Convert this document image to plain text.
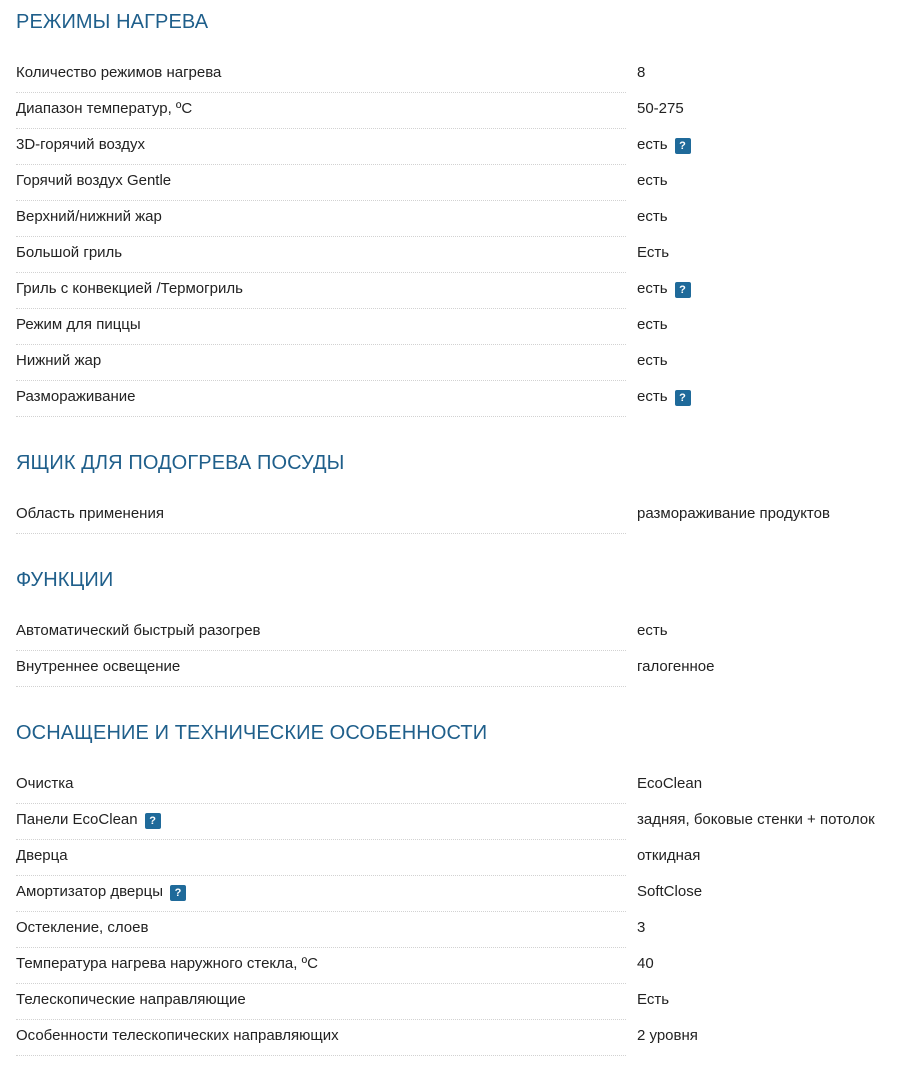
РЕЖИМЫ НАГРЕВА
Количество режимов нагрева	8
Диапазон температур, ºC	50-275
3D-горячий воздух	есть ?
Горячий воздух Gentle	есть
Верхний/нижний жар	есть
Большой гриль	Есть
Гриль с конвекцией /Термогриль	есть ?
Режим для пиццы	есть
Нижний жар	есть
Размораживание	есть ?
ЯЩИК ДЛЯ ПОДОГРЕВА ПОСУДЫ
Область применения	размораживание продуктов
ФУНКЦИИ
Автоматический быстрый разогрев	есть
Внутреннее освещение	галогенное
ОСНАЩЕНИЕ И ТЕХНИЧЕСКИЕ ОСОБЕННОСТИ
Очистка	EcoClean
Панели EcoClean ?	задняя, боковые стенки + потолок
Дверца	откидная
Амортизатор дверцы ?	SoftClose
Остекление, слоев	3
Температура нагрева наружного стекла, ºC	40
Телескопические направляющие	Есть
Особенности телескопических направляющих	2 уровня
